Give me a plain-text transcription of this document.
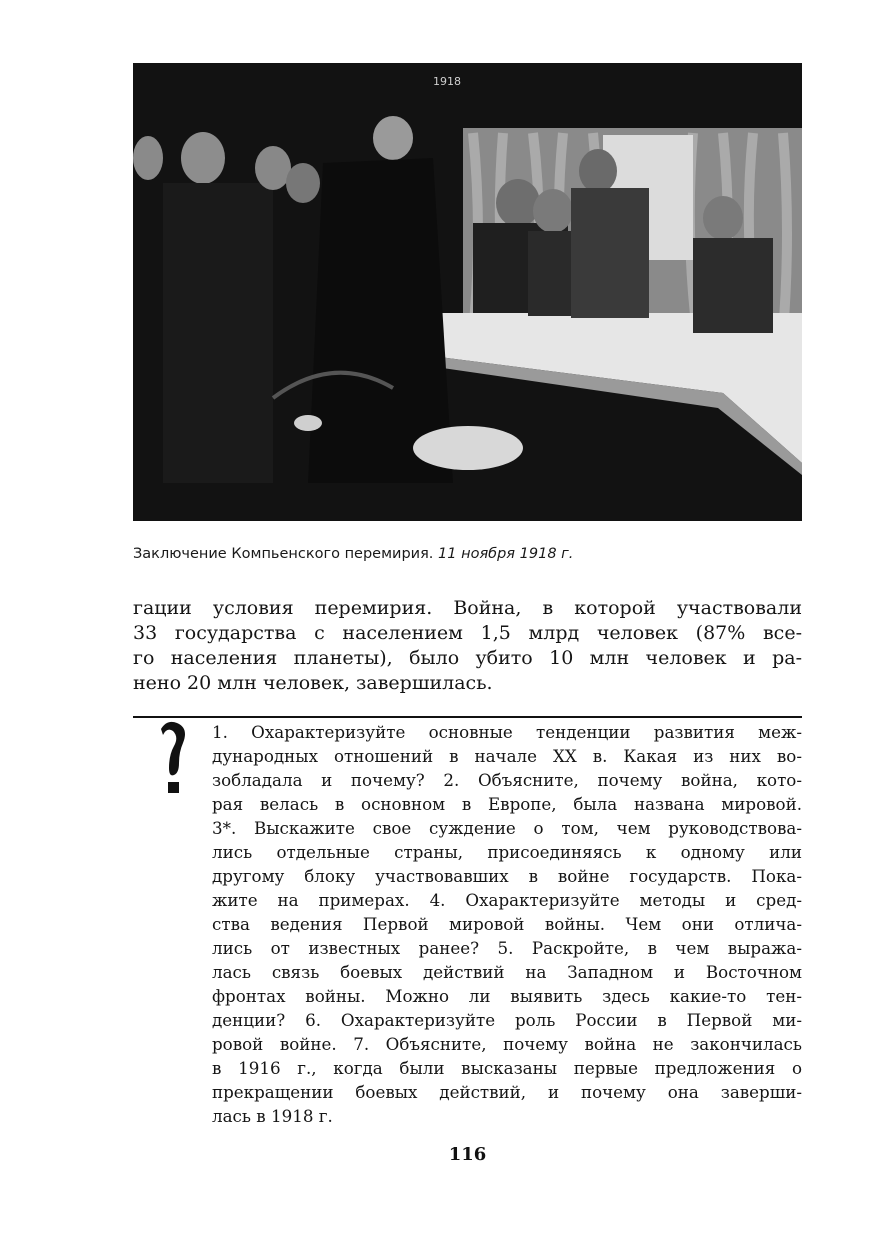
1918
Заключение Компьенского перемирия. 11 ноября 1918 г.
гации условия перемирия. Война, в которой участвовали
33 государства с населением 1,5 млрд человек (87% все-
го населения планеты), было убито 10 млн человек и ра-
нено 20 млн человек, завершилась.
1. Охарактеризуйте основные тенденции развития меж-
дународных отношений в начале XX в. Какая из них во-
зобладала и почему? 2. Объясните, почему война, кото-
рая велась в основном в Европе, была названа мировой.
3*. Выскажите свое суждение о том, чем руководствова-
лись отдельные страны, присоединяясь к одному или
другому блоку участвовавших в войне государств. Пока-
жите на примерах. 4. Охарактеризуйте методы и сред-
ства ведения Первой мировой войны. Чем они отлича-
лись от известных ранее? 5. Раскройте, в чем выража-
лась связь боевых действий на Западном и Восточном
фронтах войны. Можно ли выявить здесь какие-то тен-
денции? 6. Охарактеризуйте роль России в Первой ми-
ровой войне. 7. Объясните, почему война не закончилась
в 1916 г., когда были высказаны первые предложения о
прекращении боевых действий, и почему она заверши-
лась в 1918 г.
116
